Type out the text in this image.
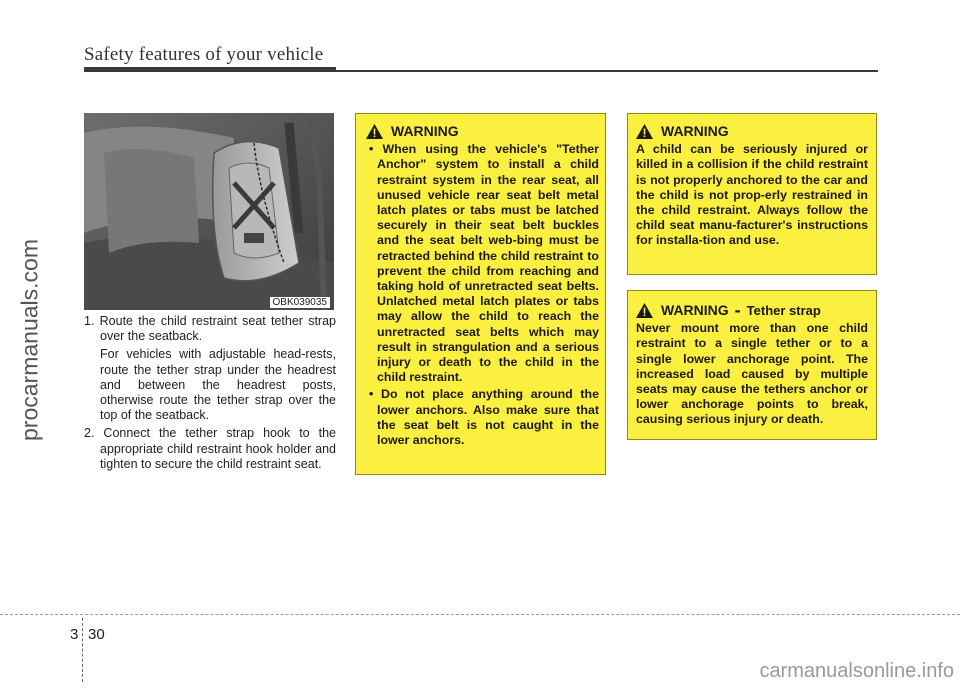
Safety features of your vehicle
procarmanuals.com	OBK039035
1. Route the child restraint seat tether strap over the seatback.
For vehicles with adjustable head-rests, route the tether strap under the headrest and between the headrest posts, otherwise route the tether strap over the top of the seatback.
2. Connect the tether strap hook to the appropriate child restraint hook holder and tighten to secure the child restraint seat.
WARNING
• When using the vehicle's "Tether Anchor" system to install a child restraint system in the rear seat, all unused vehicle rear seat belt metal latch plates or tabs must be latched securely in their seat belt buckles and the seat belt web-bing must be retracted behind the child restraint to prevent the child from reaching and taking hold of unretracted seat belts. Unlatched metal latch plates or tabs may allow the child to reach the unretracted seat belts which may result in strangulation and a serious injury or death to the child in the child restraint.
• Do not place anything around the lower anchors. Also make sure that the seat belt is not caught in the lower anchors.
WARNING

A child can be seriously injured or killed in a collision if the child restraint is not properly anchored to the car and the child is not prop-erly restrained in the child restraint. Always follow the child seat manu-facturer's instructions for installa-tion and use.

WARNING - Tether strap

Never mount more than one child restraint to a single tether or to a single lower anchorage point. The increased load caused by multiple seats may cause the tethers anchor or lower anchorage points to break, causing serious injury or death.

3 30
carmanualsonline.info
